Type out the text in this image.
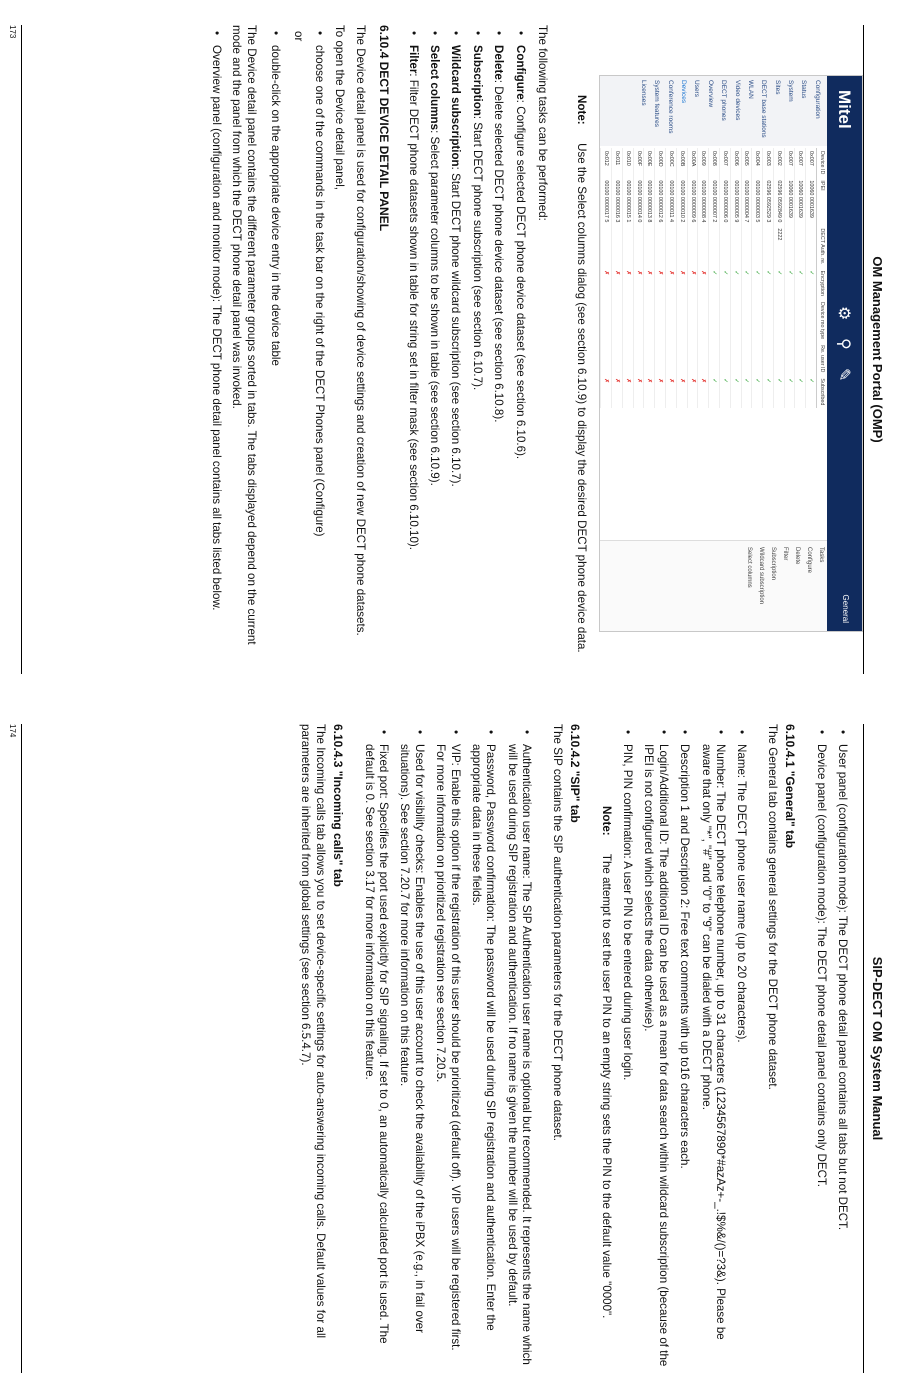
OM Management Portal (OMP)
Mitel
⚙
⚲
✎
General
Configuration
Status
System
Sites
DECT base stations
WLAN
Video devices
DECT phones
Overview
Users
Devices
Conference rooms
System features
Licenses
Device ID	IPEI	DECT Auth. re.	Encryption	Device mo type	Re. user ID	Subscribed
0x007	10060 0001639		✓			✓
0x007	10060 0001639		✓			✓
0x007	10060 0001639		✓			✓
0x002	02596 0592849 0	2222	✓			✓
0x003	02596 0592529 3		✓			✓
0x004	00100 0000003 5		✓			✓
0x005	00100 0000004 7		✓			✓
0x006	00100 0000005 9		✓			✓
0x007	00100 0000006 0		✓			✓
0x008	00100 0000007 2		✓			✓
0x009	00100 0000008 4		✗			✗
0x00A	00100 0000009 6		✗			✗
0x00B	00100 0000010 2		✗			✗
0x00C	00100 0000011 4		✗			✗
0x00D	00100 0000012 6		✗			✗
0x00E	00100 0000013 8		✗			✗
0x00F	00100 0000014 0		✗			✗
0x010	00100 0000015 1		✗			✗
0x011	00100 0000016 3		✗			✗
0x012	00100 0000017 5		✗			✗
Tasks
Configure
Delete
Filter
Subscription
Wildcard subscription
Select columns
Note:  Use the Select columns dialog (see section 6.10.9) to display the desired DECT phone device data.
The following tasks can be performed:
• Configure: Configure selected DECT phone device dataset (see section 6.10.6).
• Delete: Delete selected DECT phone device dataset (see section 6.10.8).
• Subscription: Start DECT phone subscription (see section 6.10.7).
• Wildcard subscription: Start DECT phone wildcard subscription (see section 6.10.7).
• Select columns: Select parameter columns to be shown in table (see section 6.10.9).
• Filter: Filter DECT phone datasets shown in table for string set in filter mask (see section 6.10.10).
6.10.4 DECT DEVICE DETAIL PANEL
The Device detail panel is used for configuration/showing of device settings and creation of new DECT phone datasets.
To open the Device detail panel,
• choose one of the commands in the task bar on the right of the DECT Phones panel (Configure)
or
• double-click on the appropriate device entry in the device table
The Device detail panel contains the different parameter groups sorted in tabs. The tabs displayed depend on the current mode and the panel from which the DECT phone detail panel was invoked.
• Overview panel (configuration and monitor mode): The DECT phone detail panel contains all tabs listed below.
173
SIP-DECT OM System Manual
• User panel (configuration mode): The DECT phone detail panel contains all tabs but not DECT.
• Device panel (configuration mode): The DECT phone detail panel contains only DECT.
6.10.4.1 "General" tab
The General tab contains general settings for the DECT phone dataset.
• Name: The DECT phone user name (up to 20 characters).
• Number: The DECT phone telephone number, up to 31 characters (1234567890*#azAz+-_.!$%&/()=?3&). Please be aware that only "*", "#" and "0" to "9" can be dialed with a DECT phone.
• Description 1 and Description 2: Free text comments with up to16 characters each.
• Login/Additional ID: The additional ID can be used as a mean for data search within wildcard subscription (because of the IPEI is not configured which selects the data otherwise).
• PIN, PIN confirmation: A user PIN to be entered during user login.
Note:  The attempt to set the user PIN to an empty string sets the PIN to the default value "0000".
6.10.4.2 "SIP" tab
The SIP contains the SIP authentication parameters for the DECT phone dataset.
• Authentication user name: The SIP Authentication user name is optional but recommended. It represents the name which will be used during SIP registration and authentication. If no name is given the number will be used by default.
• Password, Password confirmation: The password will be used during SIP registration and authentication. Enter the appropriate data in these fields.
• VIP: Enable this option if the registration of this user should be prioritized (default off). VIP users will be registered first. For more information on prioritized registration see section 7.20.5.
• Used for visibility checks: Enables the use of this user account to check the availability of the iPBX (e.g., in fail over situations). See section 7.20.7 for more information on this feature.
• Fixed port: Specifies the port used explicitly for SIP signaling. If set to 0, an automatically calculated port is used. The default is 0. See section 3.17 for more information on this feature.
6.10.4.3 "Incoming calls" tab
The Incoming calls tab allows you to set device-specific settings for auto-answering incoming calls. Default values for all parameters are inherited from global settings (see section 6.5.4.7).
174
